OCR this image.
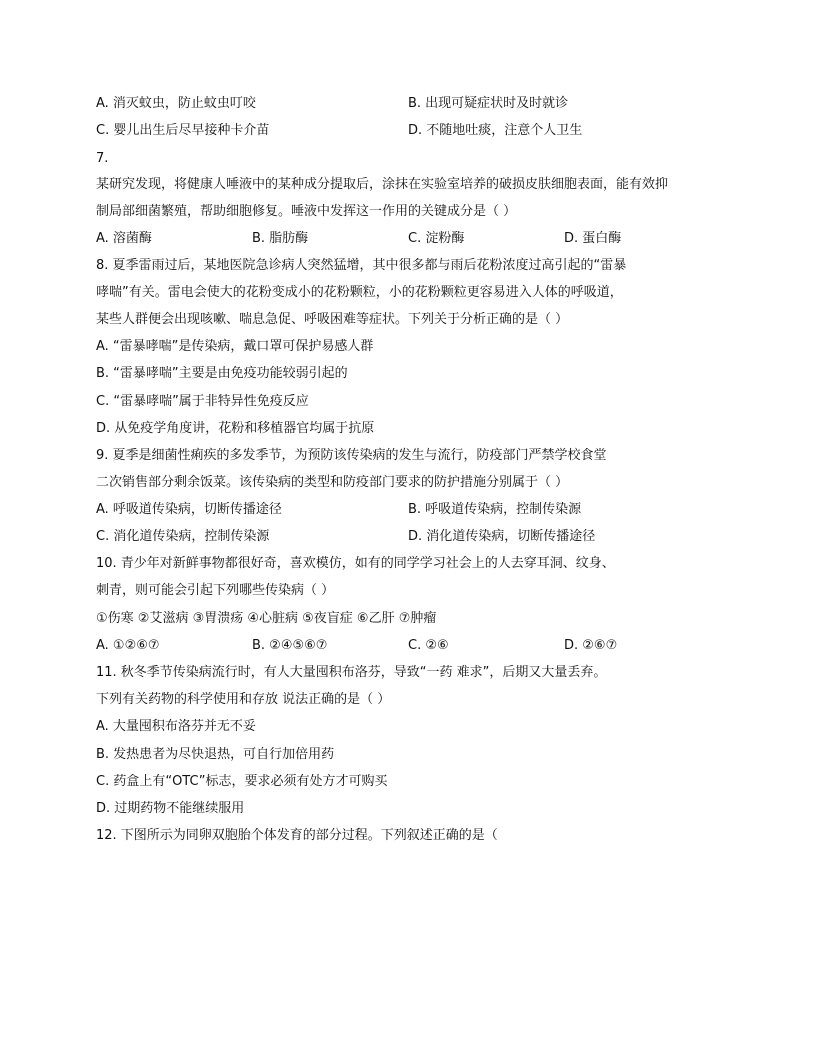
A. 消灭蚊虫，防止蚊虫叮咬	B. 出现可疑症状时及时就诊
C. 婴儿出生后尽早接种卡介苗	D. 不随地吐痰，注意个人卫生
7.
某研究发现，将健康人唾液中的某种成分提取后，涂抹在实验室培养的破损皮肤细胞表面，能有效抑
制局部细菌繁殖，帮助细胞修复。唾液中发挥这一作用的关键成分是（ ）
A. 溶菌酶	B. 脂肪酶	C. 淀粉酶	D. 蛋白酶
8. 夏季雷雨过后，某地医院急诊病人突然猛增，其中很多都与雨后花粉浓度过高引起的“雷暴
哮喘”有关。雷电会使大的花粉变成小的花粉颗粒，小的花粉颗粒更容易进入人体的呼吸道，
某些人群便会出现咳嗽、喘息急促、呼吸困难等症状。下列关于分析正确的是（ ）
A. “雷暴哮喘”是传染病，戴口罩可保护易感人群
B. “雷暴哮喘”主要是由免疫功能较弱引起的
C. “雷暴哮喘”属于非特异性免疫反应
D. 从免疫学角度讲，花粉和移植器官均属于抗原
9. 夏季是细菌性痢疾的多发季节，为预防该传染病的发生与流行，防疫部门严禁学校食堂
二次销售部分剩余饭菜。该传染病的类型和防疫部门要求的防护措施分别属于（ ）
A. 呼吸道传染病，切断传播途径	B. 呼吸道传染病，控制传染源
C. 消化道传染病，控制传染源	D. 消化道传染病，切断传播途径
10. 青少年对新鲜事物都很好奇，喜欢模仿，如有的同学学习社会上的人去穿耳洞、纹身、
刺青，则可能会引起下列哪些传染病（ ）
①伤寒 ②艾滋病 ③胃溃疡 ④心脏病 ⑤夜盲症 ⑥乙肝 ⑦肿瘤
A. ①②⑥⑦	B. ②④⑤⑥⑦	C. ②⑥	D. ②⑥⑦
11. 秋冬季节传染病流行时，有人大量囤积布洛芬，导致“一药 难求”，后期又大量丢弃。
下列有关药物的科学使用和存放 说法正确的是（ ）
A. 大量囤积布洛芬并无不妥
B. 发热患者为尽快退热，可自行加倍用药
C. 药盒上有“OTC”标志，要求必须有处方才可购买
D. 过期药物不能继续服用
12. 下图所示为同卵双胞胎个体发育的部分过程。下列叙述正确的是（
